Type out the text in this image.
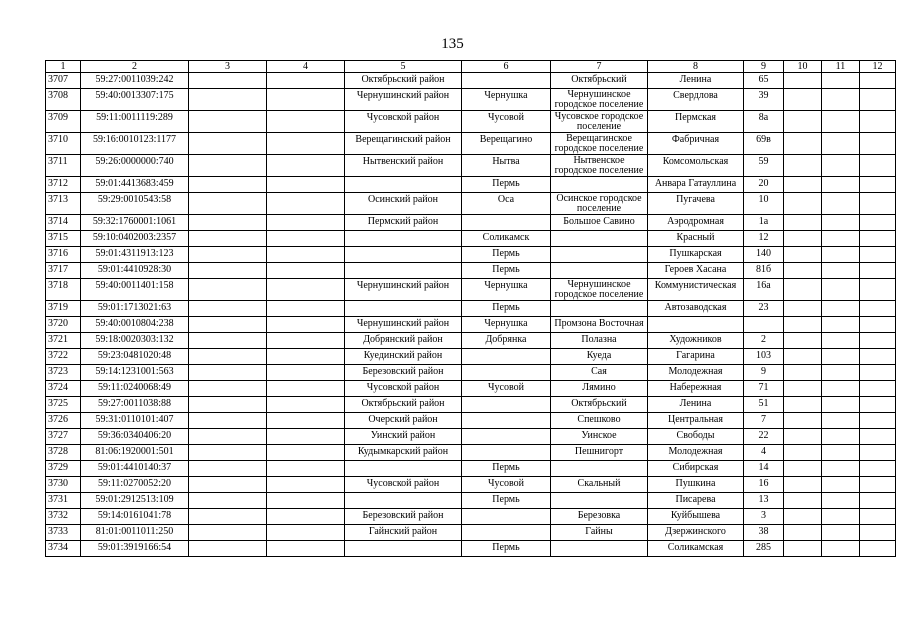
135
1	2	3	4	5	6	7	8	9	10	11	12
3707	59:27:0011039:242			Октябрьский район		Октябрьский	Ленина	65			
3708	59:40:0013307:175			Чернушинский район	Чернушка	Чернушинское городское поселение	Свердлова	39			
3709	59:11:0011119:289			Чусовской район	Чусовой	Чусовское городское поселение	Пермская	8а			
3710	59:16:0010123:1177			Верещагинский район	Верещагино	Верещагинское городское поселение	Фабричная	69в			
3711	59:26:0000000:740			Нытвенский район	Нытва	Нытвенское городское поселение	Комсомольская	59			
3712	59:01:4413683:459				Пермь		Анвара Гатауллина	20			
3713	59:29:0010543:58			Осинский район	Оса	Осинское городское поселение	Пугачева	10			
3714	59:32:1760001:1061			Пермский район		Большое Савино	Аэродромная	1а			
3715	59:10:0402003:2357				Соликамск		Красный	12			
3716	59:01:4311913:123				Пермь		Пушкарская	140			
3717	59:01:4410928:30				Пермь		Героев Хасана	81б			
3718	59:40:0011401:158			Чернушинский район	Чернушка	Чернушинское городское поселение	Коммунистическая	16а			
3719	59:01:1713021:63				Пермь		Автозаводская	23			
3720	59:40:0010804:238			Чернушинский район	Чернушка	Промзона Восточная					
3721	59:18:0020303:132			Добрянский район	Добрянка	Полазна	Художников	2			
3722	59:23:0481020:48			Куединский район		Куеда	Гагарина	103			
3723	59:14:1231001:563			Березовский район		Сая	Молодежная	9			
3724	59:11:0240068:49			Чусовской район	Чусовой	Лямино	Набережная	71			
3725	59:27:0011038:88			Октябрьский район		Октябрьский	Ленина	51			
3726	59:31:0110101:407			Очерский район		Спешково	Центральная	7			
3727	59:36:0340406:20			Уинский район		Уинское	Свободы	22			
3728	81:06:1920001:501			Кудымкарский район		Пешнигорт	Молодежная	4			
3729	59:01:4410140:37				Пермь		Сибирская	14			
3730	59:11:0270052:20			Чусовской район	Чусовой	Скальный	Пушкина	16			
3731	59:01:2912513:109				Пермь		Писарева	13			
3732	59:14:0161041:78			Березовский район		Березовка	Куйбышева	3			
3733	81:01:0011011:250			Гайнский район		Гайны	Дзержинского	38			
3734	59:01:3919166:54				Пермь		Соликамская	285			
